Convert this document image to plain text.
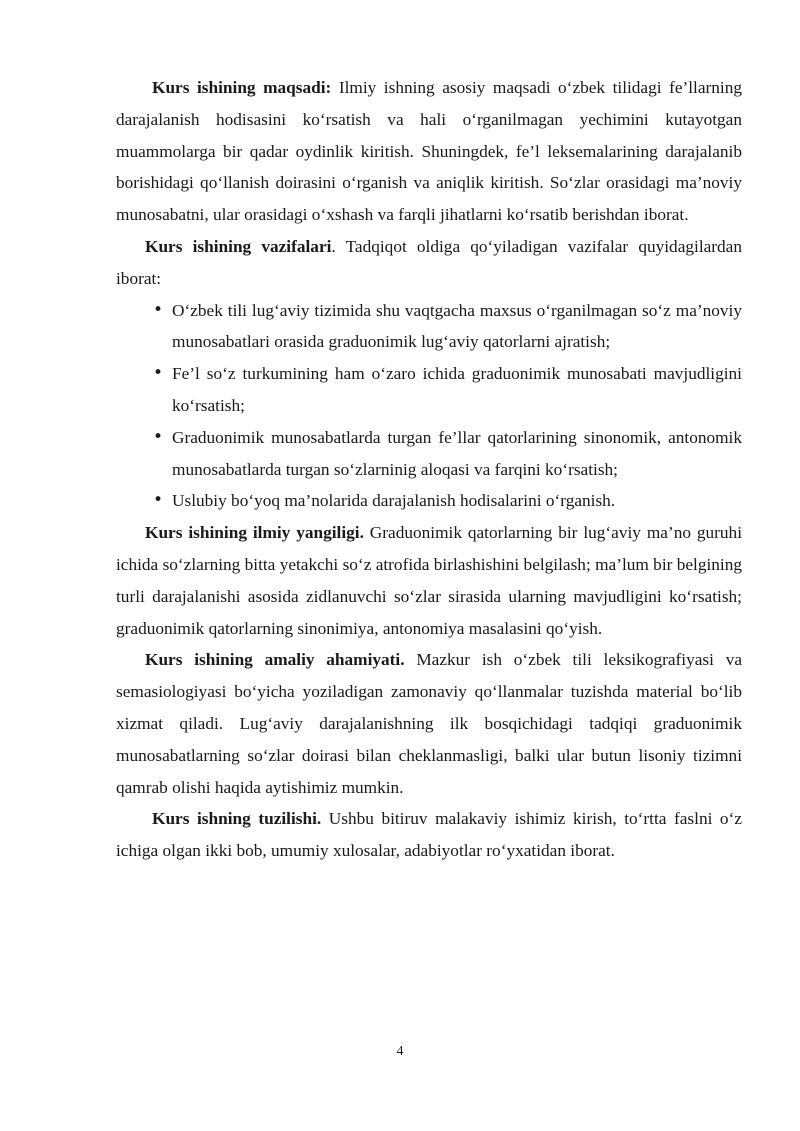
Kurs ishining maqsadi: Ilmiy ishning asosiy maqsadi o‘zbek tilidagi fe’llarning darajalanish hodisasini ko‘rsatish va hali o‘rganilmagan yechimini kutayotgan muammolarga bir qadar oydinlik kiritish. Shuningdek, fe’l leksemalarining darajalanib borishidagi qo‘llanish doirasini o‘rganish va aniqlik kiritish. So‘zlar orasidagi ma’noviy munosabatni, ular orasidagi o‘xshash va farqli jihatlarni ko‘rsatib berishdan iborat.

Kurs ishining vazifalari. Tadqiqot oldiga qo‘yiladigan vazifalar quyidagilardan iborat:

• O‘zbek tili lug‘aviy tizimida shu vaqtgacha maxsus o‘rganilmagan so‘z ma’noviy munosabatlari orasida graduonimik lug‘aviy qatorlarni ajratish;
• Fe’l so‘z turkumining ham o‘zaro ichida graduonimik munosabati mavjudligini ko‘rsatish;
• Graduonimik munosabatlarda turgan fe’llar qatorlarining sinonomik, antonomik munosabatlarda turgan so‘zlarninig aloqasi va farqini ko‘rsatish;
• Uslubiy bo‘yoq ma’nolarida darajalanish hodisalarini o‘rganish.

Kurs ishining ilmiy yangiligi. Graduonimik qatorlarning bir lug‘aviy ma’no guruhi ichida so‘zlarning bitta yetakchi so‘z atrofida birlashishini belgilash; ma’lum bir belgining turli darajalanishi asosida zidlanuvchi so‘zlar sirasida ularning mavjudligini ko‘rsatish; graduonimik qatorlarning sinonimiya, antonomiya masalasini qo‘yish.

Kurs ishining amaliy ahamiyati. Mazkur ish o‘zbek tili leksikografiyasi va semasiologiyasi bo‘yicha yoziladigan zamonaviy qo‘llanmalar tuzishda material bo‘lib xizmat qiladi. Lug‘aviy darajalanishning ilk bosqichidagi tadqiqi graduonimik munosabatlarning so‘zlar doirasi bilan cheklanmasligi, balki ular butun lisoniy tizimni qamrab olishi haqida aytishimiz mumkin.

Kurs ishning tuzilishi. Ushbu bitiruv malakaviy ishimiz kirish, to‘rtta faslni o‘z ichiga olgan ikki bob, umumiy xulosalar, adabiyotlar ro‘yxatidan iborat.

4
